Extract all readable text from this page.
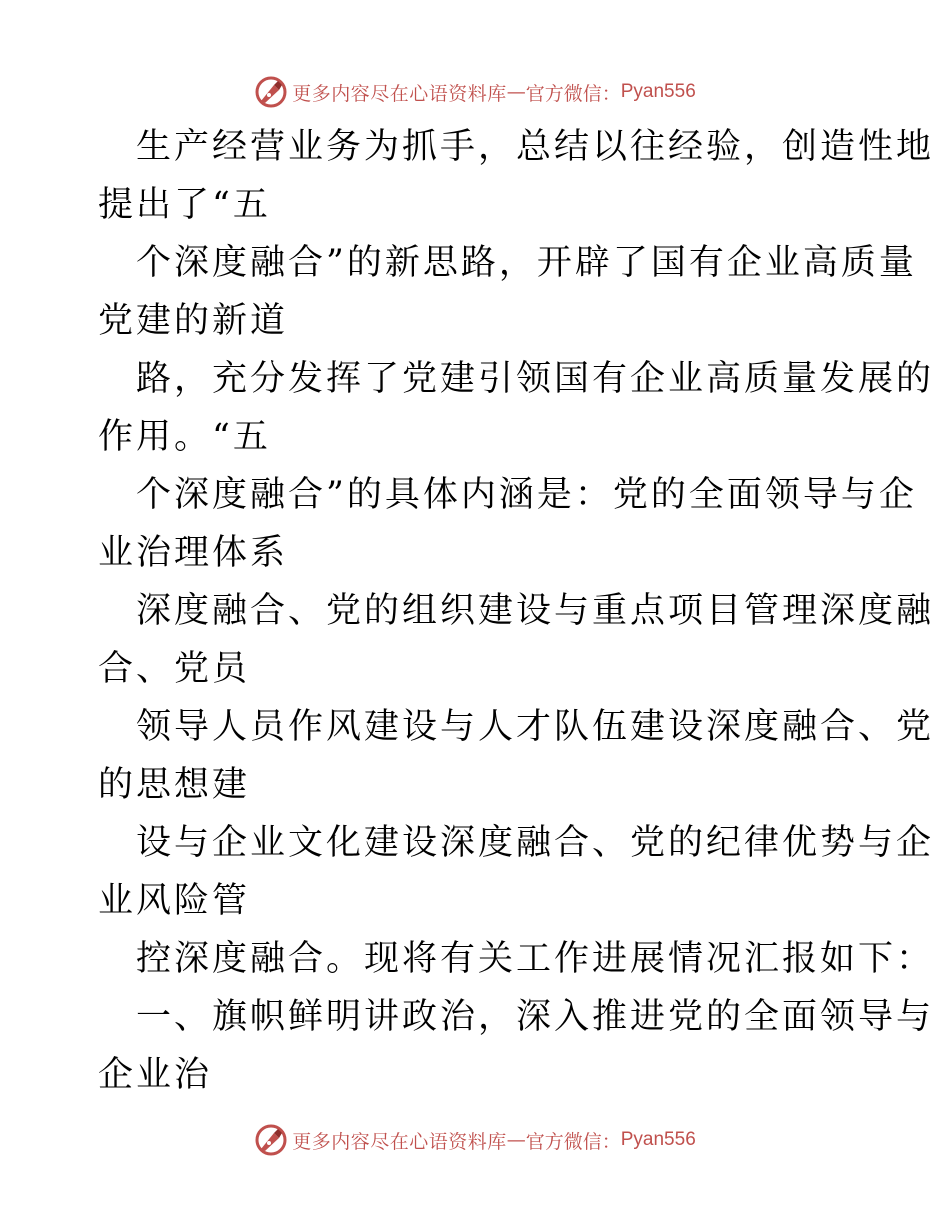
更多内容尽在心语资料库 — 官方微信： Pyan556
生产经营业务为抓手，总结以往经验，创造性地
提出了“五
个深度融合”的新思路，开辟了国有企业高质量
党建的新道
路，充分发挥了党建引领国有企业高质量发展的
作用。“五
个深度融合”的具体内涵是：党的全面领导与企
业治理体系
深度融合、党的组织建设与重点项目管理深度融
合、党员
领导人员作风建设与人才队伍建设深度融合、党
的思想建
设与企业文化建设深度融合、党的纪律优势与企
业风险管
控深度融合。现将有关工作进展情况汇报如下：
一、旗帜鲜明讲政治，深入推进党的全面领导与
企业治
更多内容尽在心语资料库 — 官方微信： Pyan556
